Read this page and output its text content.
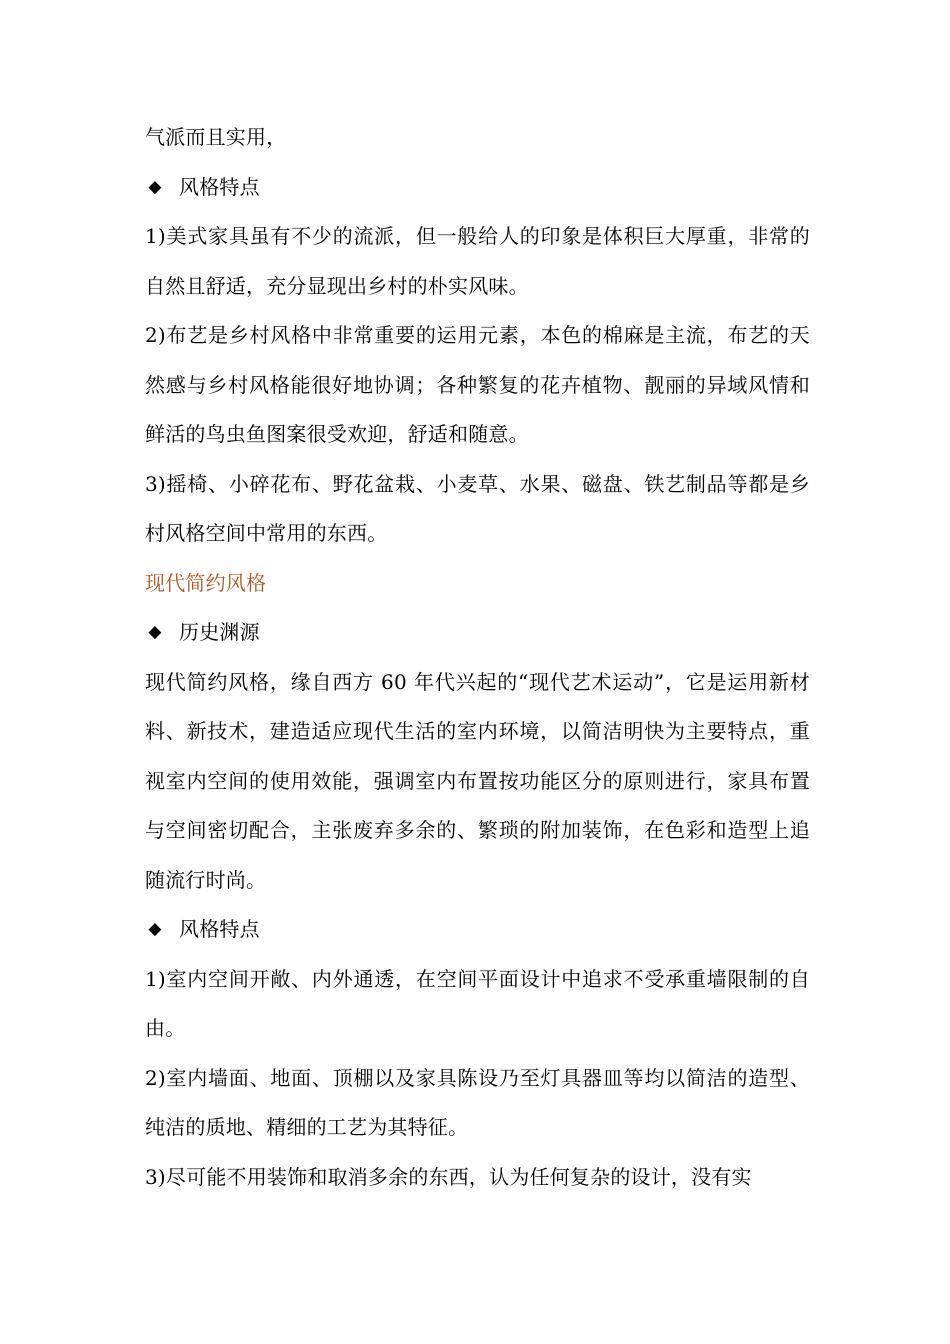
气派而且实用，

◆ 风格特点

1)美式家具虽有不少的流派，但一般给人的印象是体积巨大厚重，非常的自然且舒适，充分显现出乡村的朴实风味。

2)布艺是乡村风格中非常重要的运用元素，本色的棉麻是主流，布艺的天然感与乡村风格能很好地协调；各种繁复的花卉植物、靓丽的异域风情和鲜活的鸟虫鱼图案很受欢迎，舒适和随意。

3)摇椅、小碎花布、野花盆栽、小麦草、水果、磁盘、铁艺制品等都是乡村风格空间中常用的东西。

现代简约风格

◆ 历史渊源

现代简约风格，缘自西方 60 年代兴起的“现代艺术运动”，它是运用新材料、新技术，建造适应现代生活的室内环境，以简洁明快为主要特点，重视室内空间的使用效能，强调室内布置按功能区分的原则进行，家具布置与空间密切配合，主张废弃多余的、繁琐的附加装饰，在色彩和造型上追随流行时尚。

◆ 风格特点

1)室内空间开敞、内外通透，在空间平面设计中追求不受承重墙限制的自由。

2)室内墙面、地面、顶棚以及家具陈设乃至灯具器皿等均以简洁的造型、纯洁的质地、精细的工艺为其特征。

3)尽可能不用装饰和取消多余的东西，认为任何复杂的设计，没有实
